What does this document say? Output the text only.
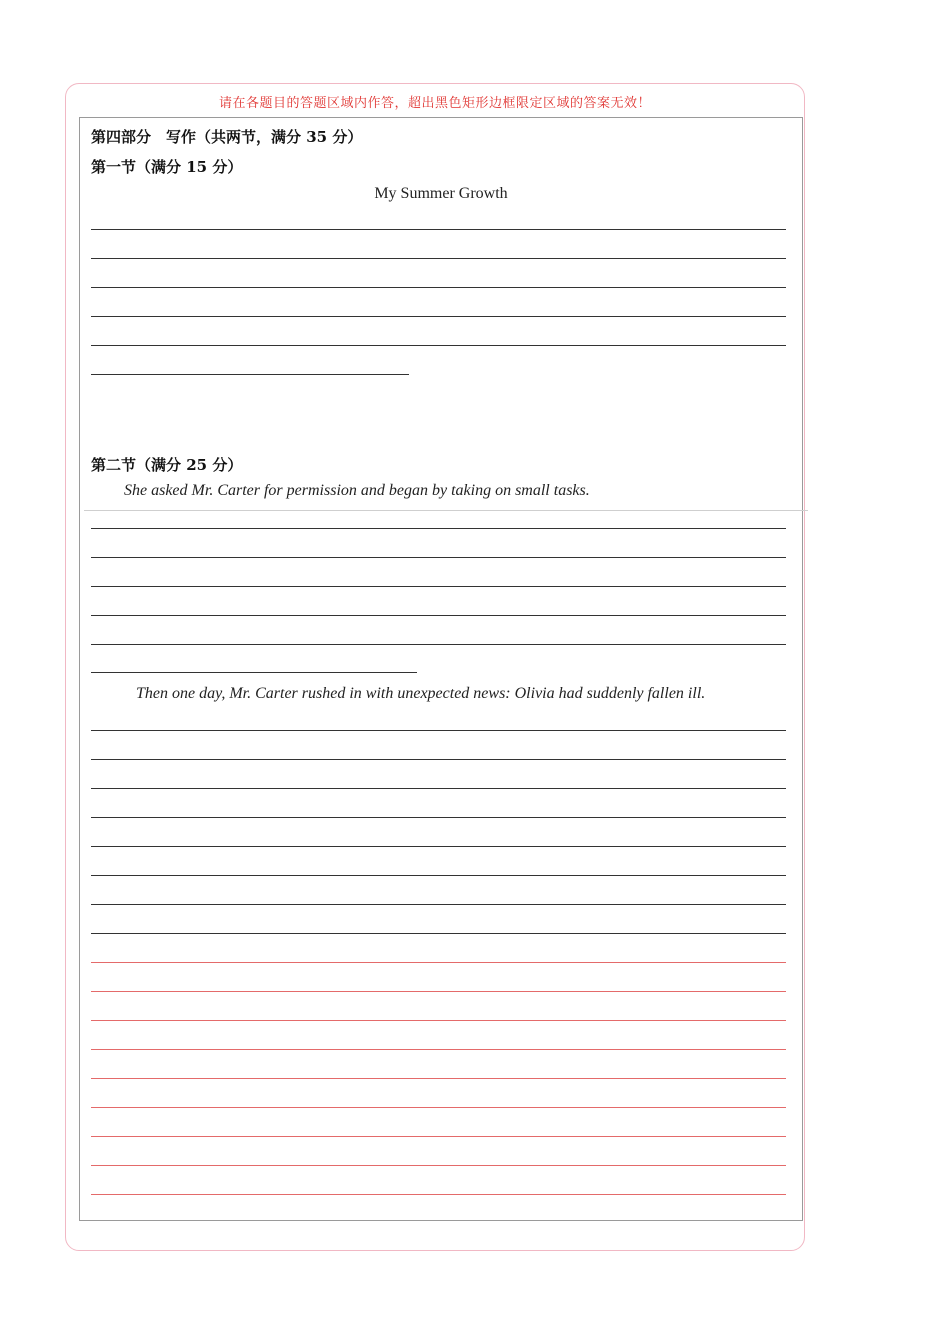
请在各题目的答题区域内作答，超出黑色矩形边框限定区域的答案无效！
第四部分　写作（共两节，满分 35 分）
第一节（满分 15 分）
My Summer Growth
第二节（满分 25 分）
She asked Mr. Carter for permission and began by taking on small tasks.
Then one day, Mr. Carter rushed in with unexpected news: Olivia had suddenly fallen ill.
